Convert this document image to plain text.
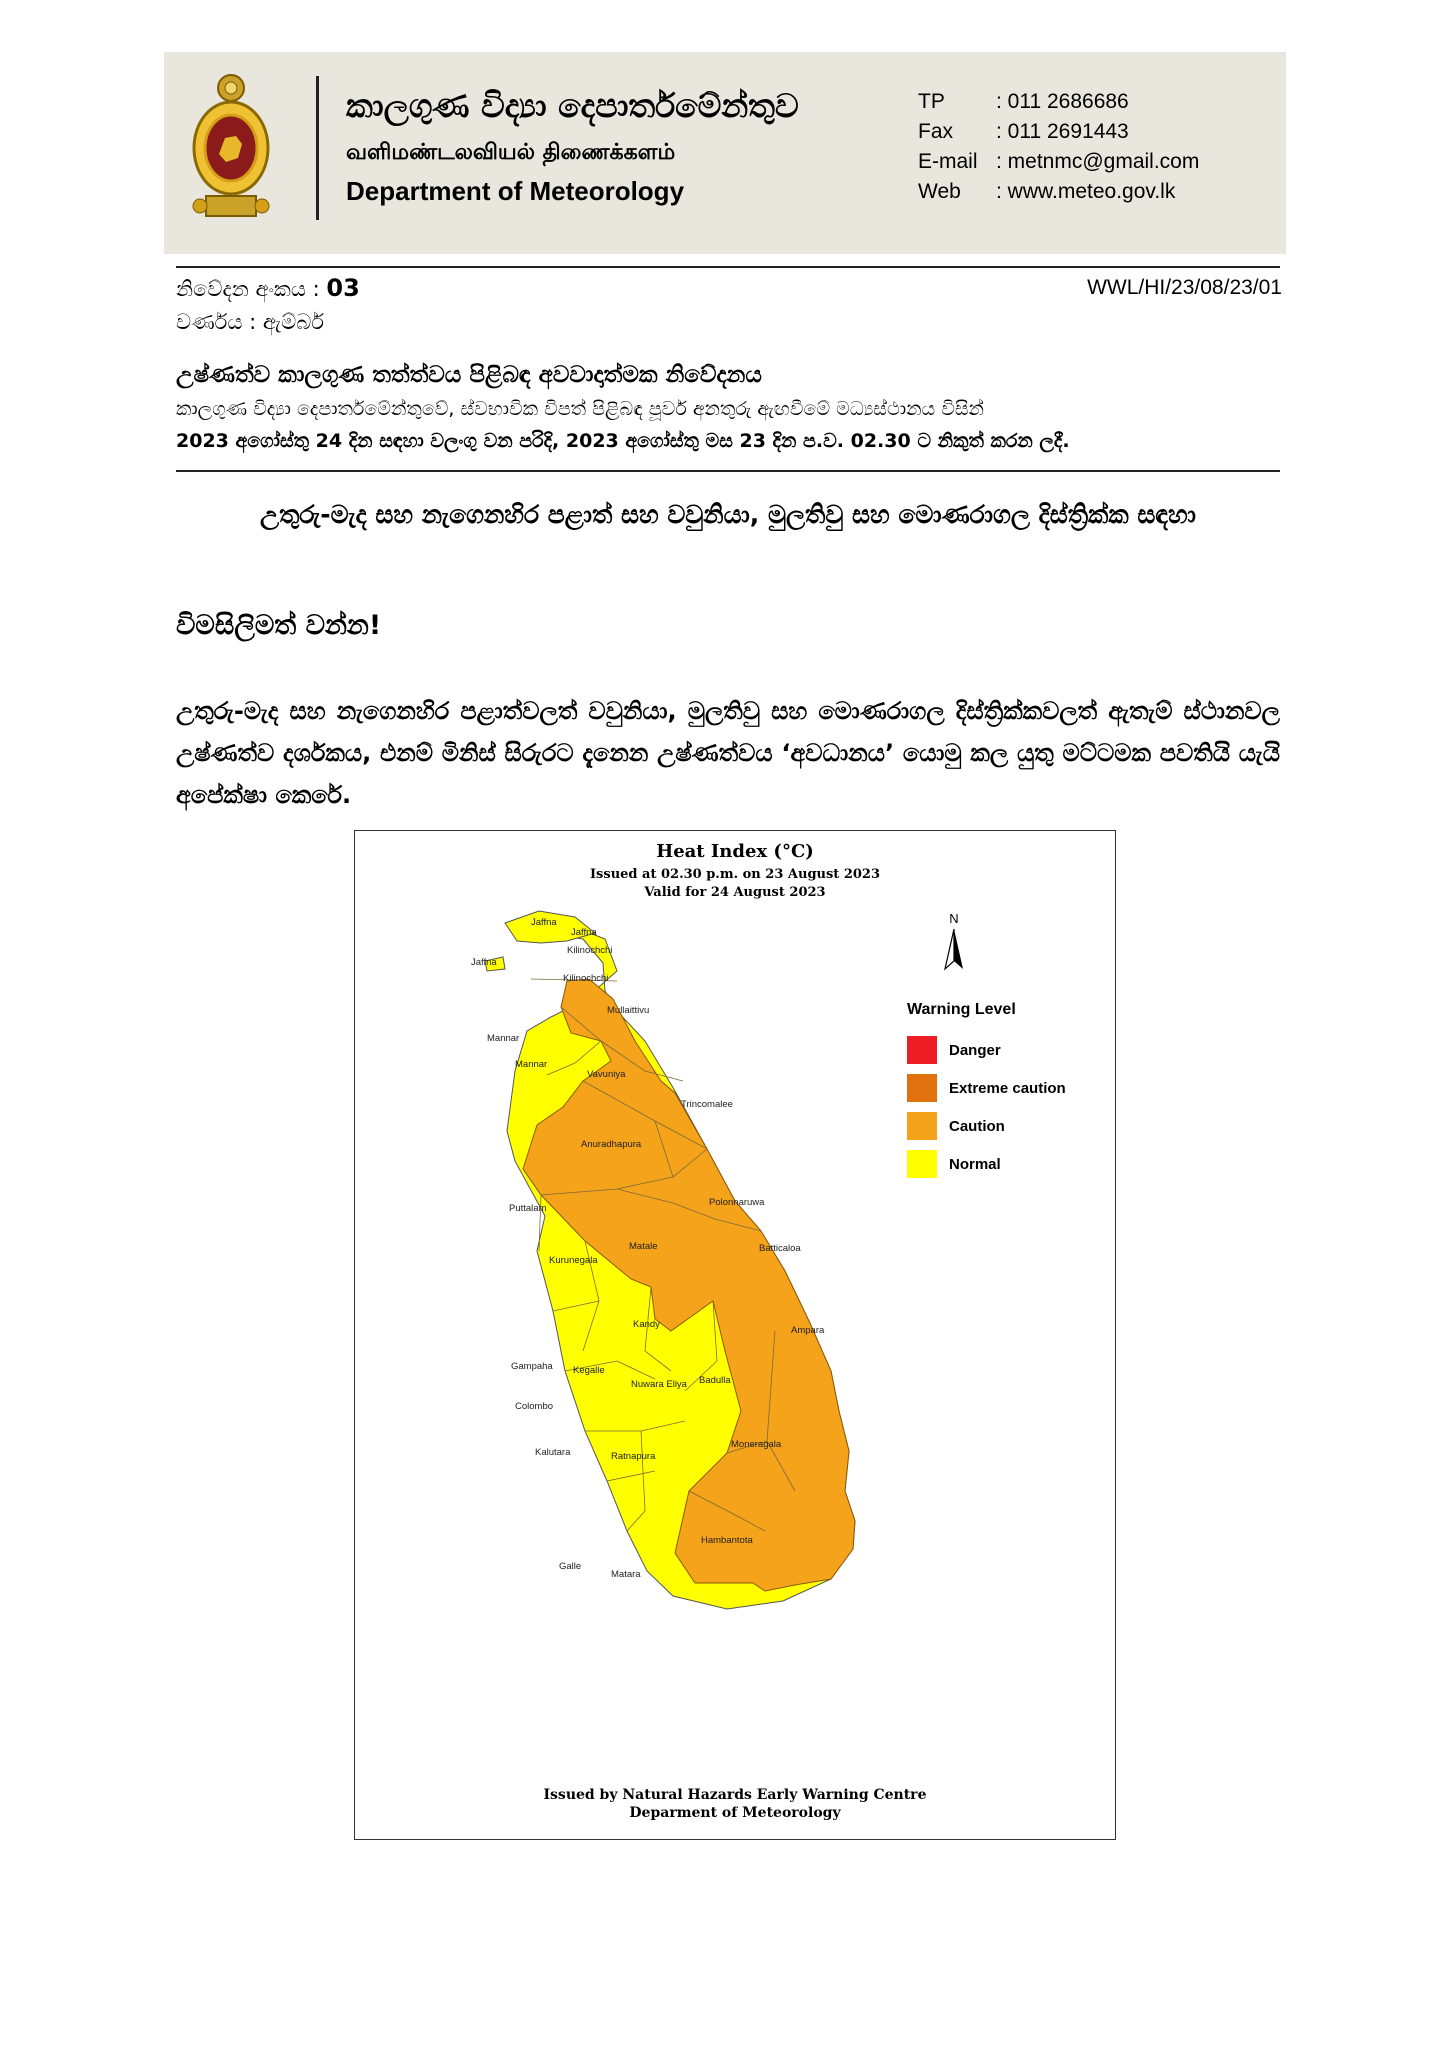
කාලගුණ විද්‍යා දෙපාර්තමේන්තුව
வளிமண்டலவியல் திணைக்களம்
Department of Meteorology
TP : 011 2686686
Fax : 011 2691443
E-mail : metnmc@gmail.com
Web : www.meteo.gov.lk
නිවේදන අංකය : 03	WWL/HI/23/08/23/01
වර්ණය : ඇම්බර්
උෂ්ණත්ව කාලගුණ තත්ත්වය පිළිබඳ අවවාදාත්මක නිවේදනය
කාලගුණ විද්‍යා දෙපාර්තමේන්තුවේ, ස්වභාවික විපත් පිළිබඳ පූර්ව අනතුරු ඇඟවීමේ මධ්‍යස්ථානය විසින්
2023 අගෝස්තු 24 දින සඳහා වලංගු වන පරිදි, 2023 අගෝස්තු මස 23 දින ප.ව. 02.30 ට නිකුත් කරන ලදී.
උතුරු-මැද සහ නැගෙනහිර පළාත් සහ වවුනියා, මුලතිවු සහ මොණරාගල දිස්ත්‍රික්ක සඳහා
විමසිලිමත් වන්න!
උතුරු-මැද සහ නැගෙනහිර පළාත්වලත් වවුනියා, මුලතිවු සහ මොණරාගල දිස්ත්‍රික්කවලත් ඇතැම් ස්ථානවල උෂ්ණත්ව දර්ශකය, එනම් මිනිස් සිරුරට දැනෙන උෂ්ණත්වය ‘අවධානය’ යොමු කල යුතු මට්ටමක පවතියි යැයි අපේක්ෂා කෙරේ.
Heat Index (°C)
Issued at 02.30 p.m. on 23 August 2023
Valid for 24 August 2023
N
Warning Level
Danger
Extreme caution
Caution
Normal
Jaffna
Jaffna
Jaffna
Kilinochchi
Kilinochchi
Mullaittivu
Mannar
Mannar
Vavuniya
Trincomalee
Anuradhapura
Puttalam
Polonnaruwa
Batticaloa
Kurunegala
Matale
Kandy
Ampara
Gampaha Kegalle
Nuwara Eliya Badulla
Colombo
Moneragala
Kalutara	Ratnapura
Hambantota
Galle
Matara
Issued by Natural Hazards Early Warning Centre
Deparment of Meteorology
